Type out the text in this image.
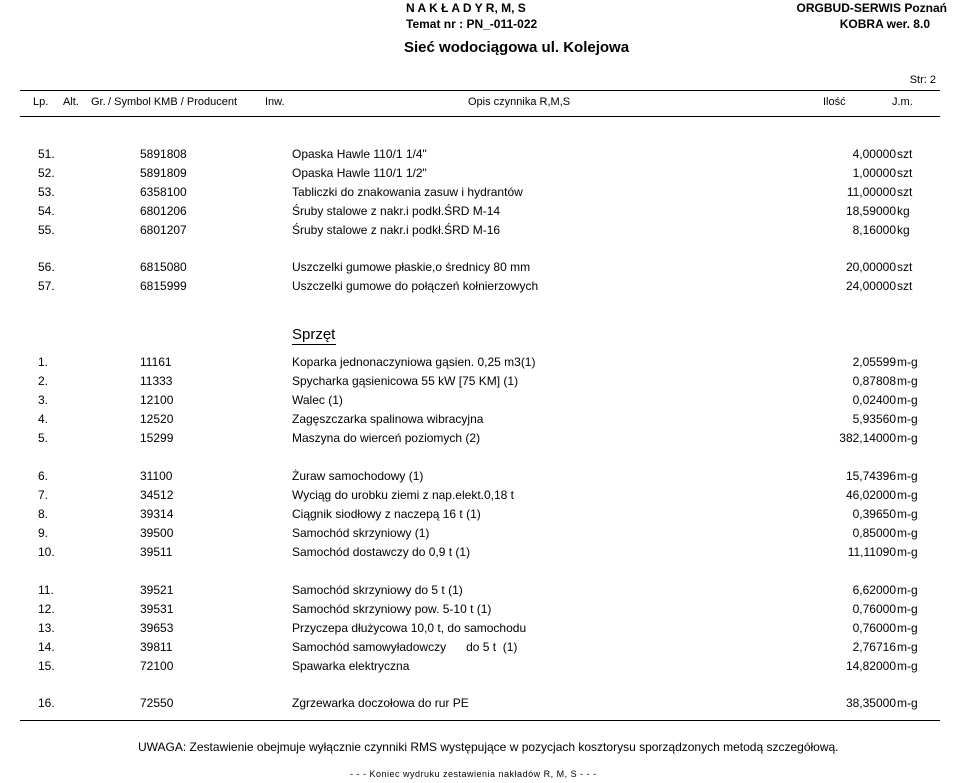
N A K Ł A D Y R, M, S
Temat nr : PN_-011-022
ORGBUD-SERWIS Poznań
KOBRA wer. 8.0
Sieć wodociągowa ul. Kolejowa
Str: 2
Lp. Alt. Gr. / Symbol KMB / Producent	Inw.	Opis czynnika R,M,S	Ilość	J.m.
51.	5891808	Opaska Hawle 110/1 1/4"	4,00000 szt
52.	5891809	Opaska Hawle 110/1 1/2"	1,00000 szt
53.	6358100	Tabliczki do znakowania zasuw i hydrantów	11,00000 szt
54.	6801206	Śruby stalowe z nakr.i podkł.ŚRD M-14	18,59000 kg
55.	6801207	Śruby stalowe z nakr.i podkł.ŚRD M-16	8,16000 kg
56.	6815080	Uszczelki gumowe płaskie,o średnicy 80 mm	20,00000 szt
57.	6815999	Uszczelki gumowe do połączeń kołnierzowych	24,00000 szt
Sprzęt
1.	11161	Koparka jednonaczyniowa gąsien. 0,25 m3(1)	2,05599 m-g
2.	11333	Spycharka gąsienicowa 55 kW [75 KM] (1)	0,87808 m-g
3.	12100	Walec (1)	0,02400 m-g
4.	12520	Zagęszczarka spalinowa wibracyjna	5,93560 m-g
5.	15299	Maszyna do wierceń poziomych (2)	382,14000 m-g
6.	31100	Żuraw samochodowy (1)	15,74396 m-g
7.	34512	Wyciąg do urobku ziemi z nap.elekt.0,18 t	46,02000 m-g
8.	39314	Ciągnik siodłowy z naczepą 16 t (1)	0,39650 m-g
9.	39500	Samochód skrzyniowy (1)	0,85000 m-g
10.	39511	Samochód dostawczy do 0,9 t (1)	11,11090 m-g
11.	39521	Samochód skrzyniowy do 5 t (1)	6,62000 m-g
12.	39531	Samochód skrzyniowy pow. 5-10 t (1)	0,76000 m-g
13.	39653	Przyczepa dłużycowa 10,0 t, do samochodu	0,76000 m-g
14.	39811	Samochód samowyładowczy      do 5 t  (1)	2,76716 m-g
15.	72100	Spawarka elektryczna	14,82000 m-g
16.	72550	Zgrzewarka doczołowa do rur PE	38,35000 m-g
UWAGA: Zestawienie obejmuje wyłącznie czynniki RMS występujące w pozycjach kosztorysu sporządzonych metodą szczegółową.
- - - Koniec wydruku zestawienia nakładów R, M, S - - -
